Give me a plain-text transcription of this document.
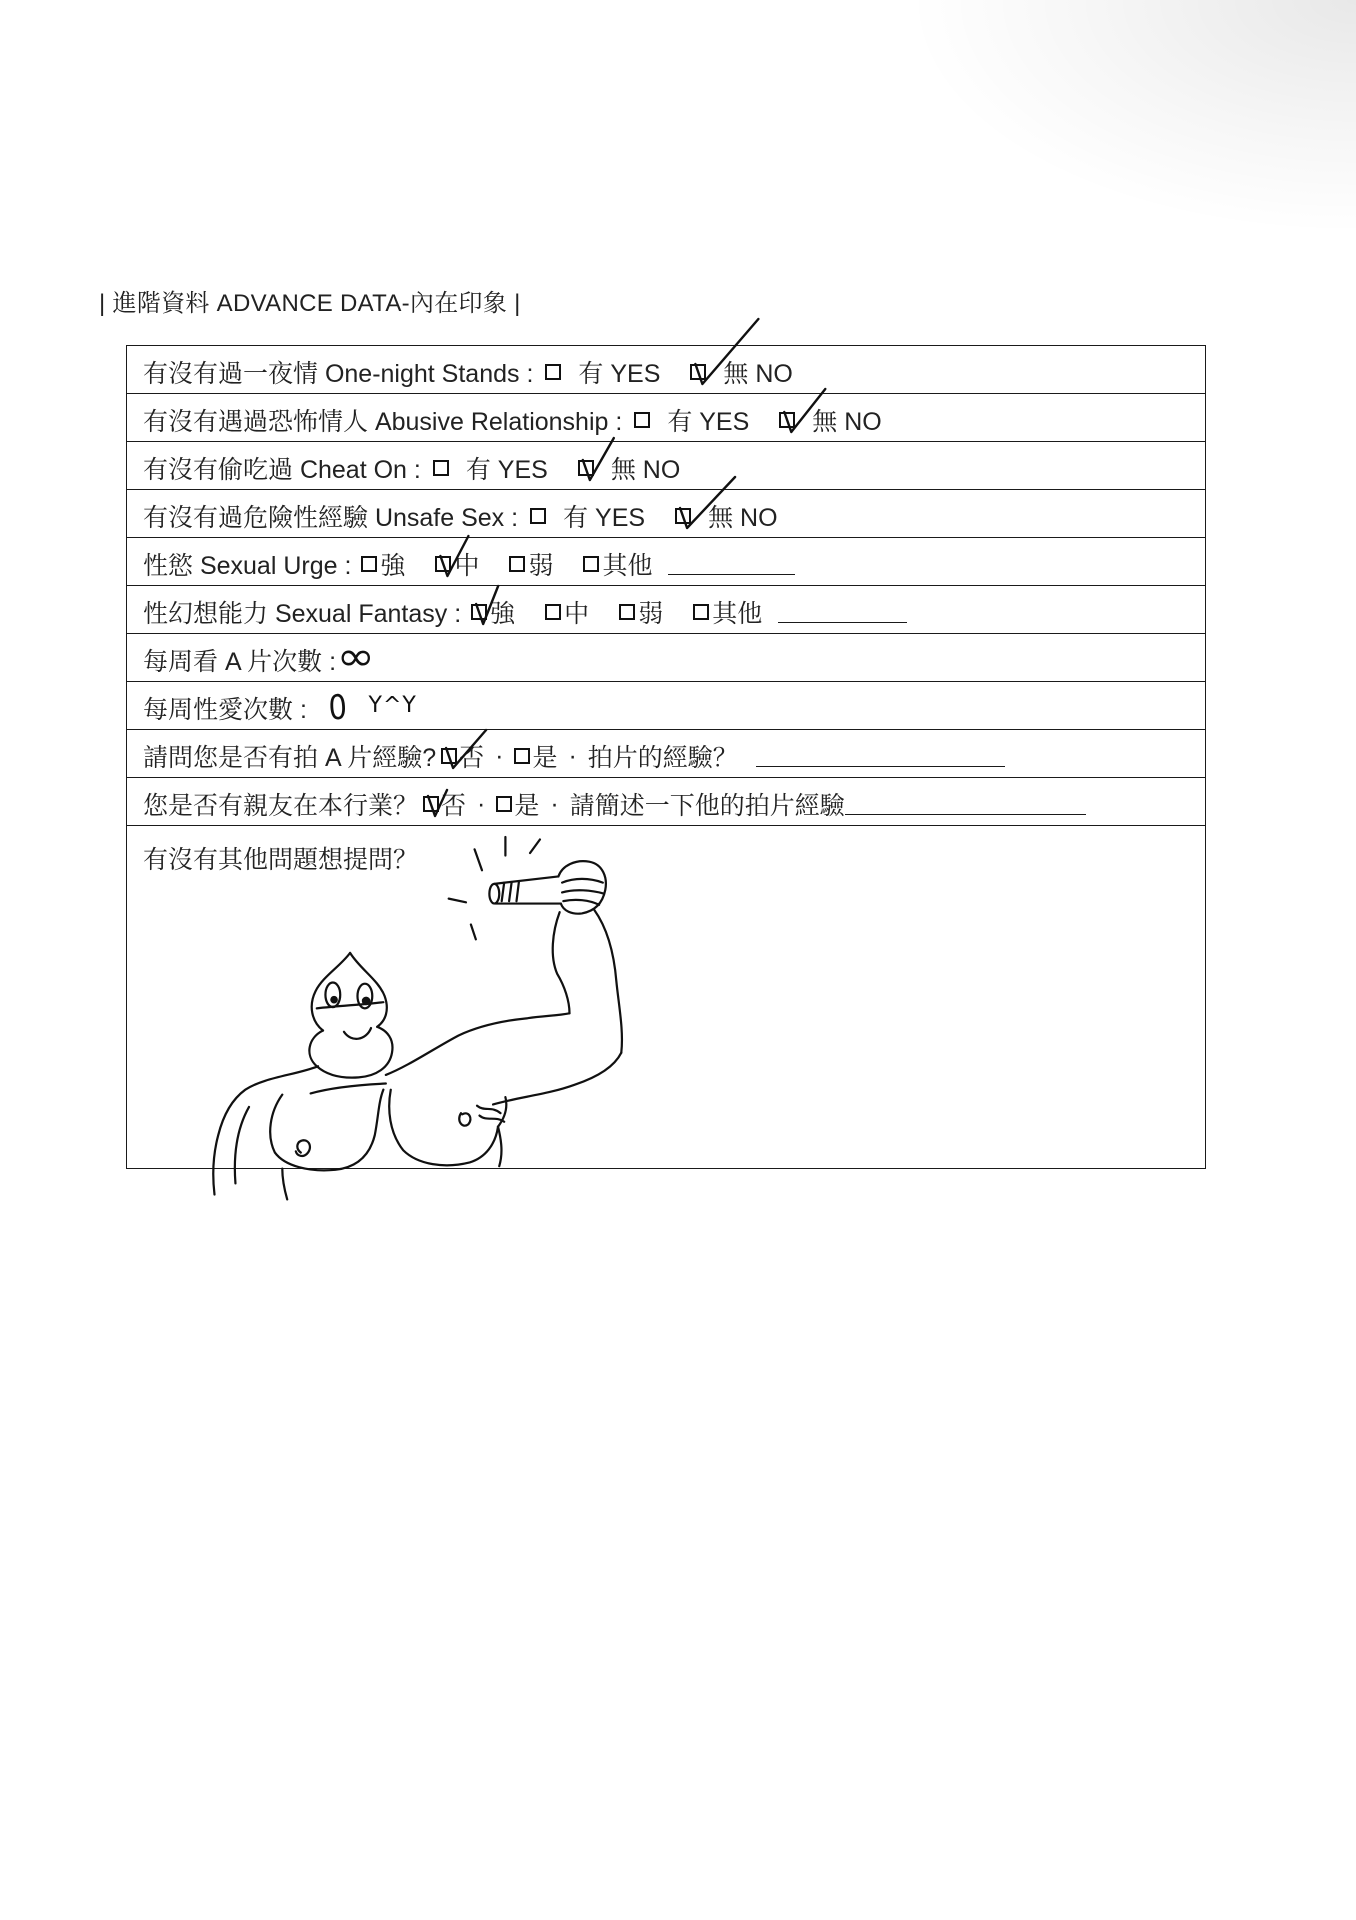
| 進階資料 ADVANCE DATA-內在印象 |
有沒有過一夜情 One-night Stands : 有 YES	無 NO
有沒有遇過恐怖情人 Abusive Relationship : 有 YES	無 NO
有沒有偷吃過 Cheat On : 有 YES	無 NO
有沒有過危險性經驗 Unsafe Sex : 有 YES	無 NO
性慾 Sexual Urge : 強 中 弱 其他
性幻想能力 Sexual Fantasy : 強 中 弱 其他
每周看 A 片次數 : ∞
每周性愛次數 : 0 Y^Y
請問您是否有拍 A 片經驗? 否 · 是 · 拍片的經驗？
您是否有親友在本行業？ 否 · 是 · 請簡述一下他的拍片經驗
有沒有其他問題想提問？
